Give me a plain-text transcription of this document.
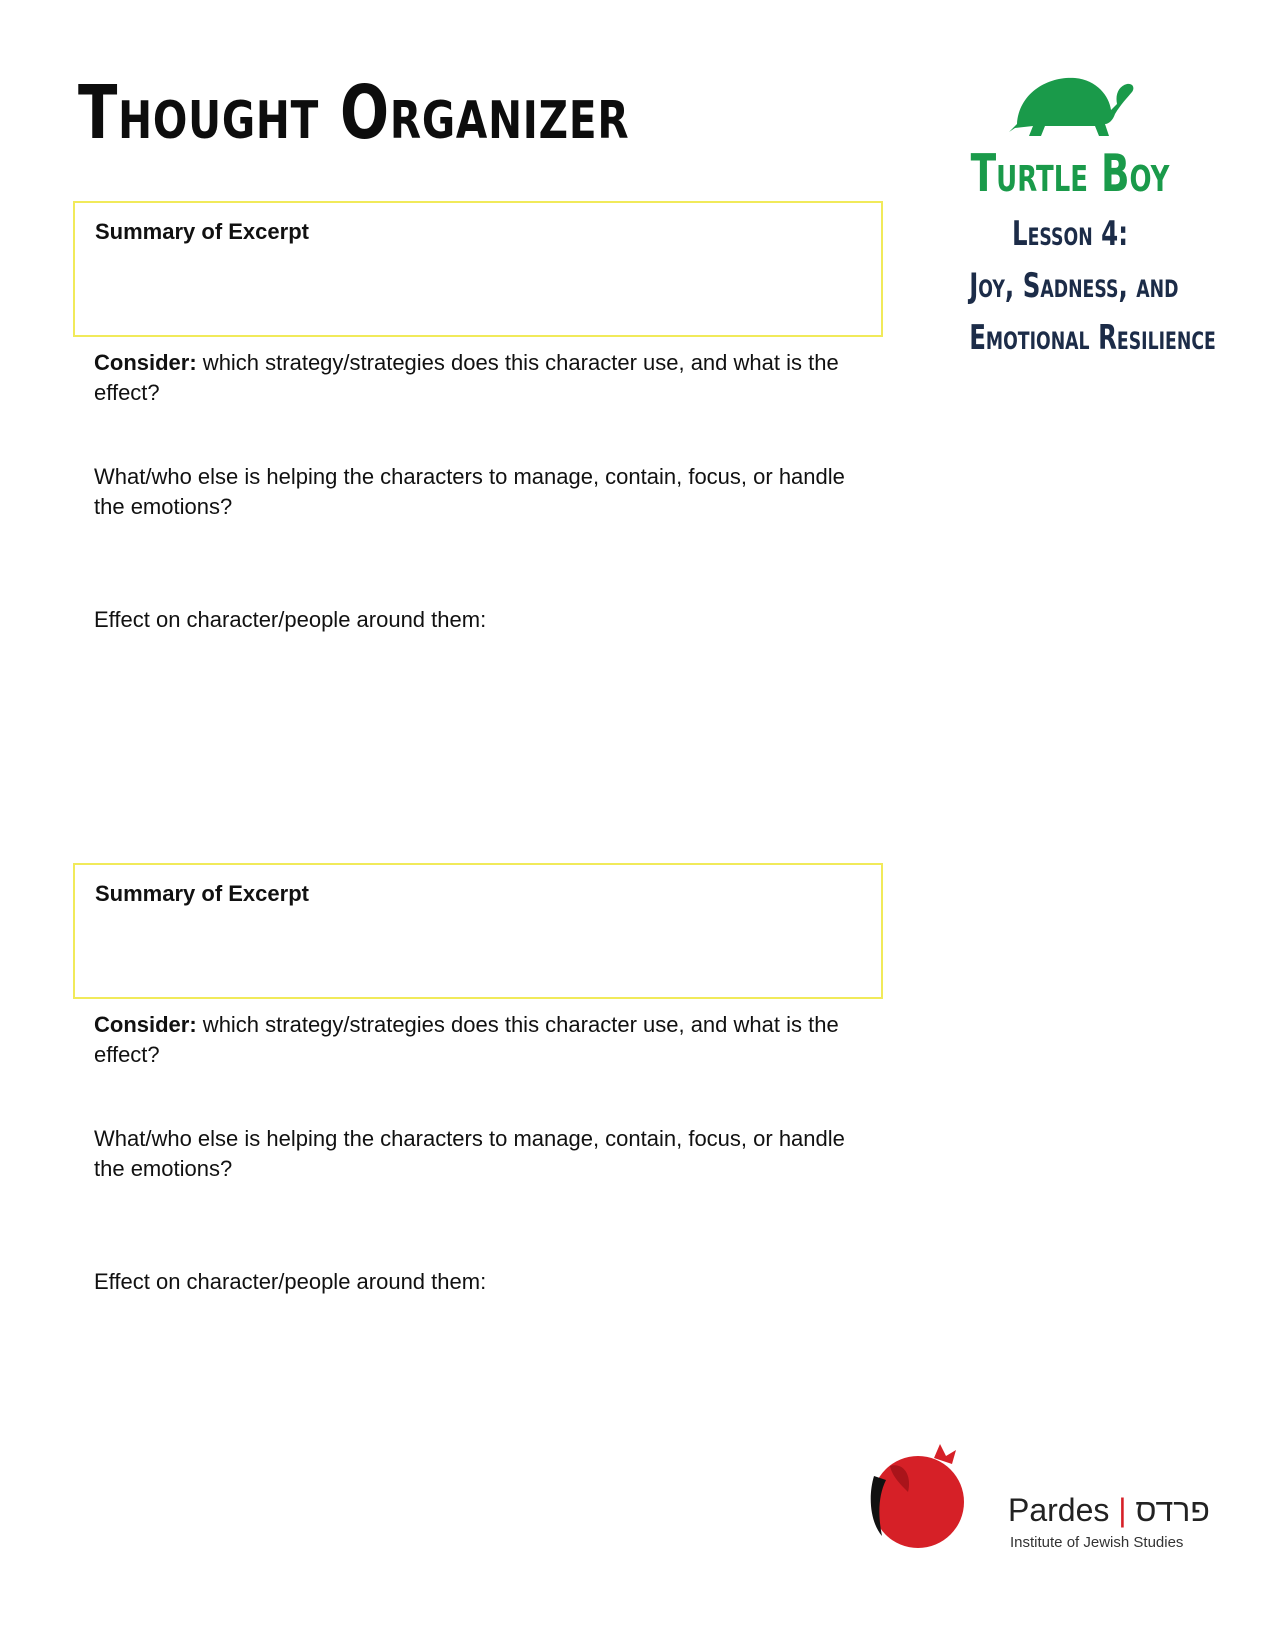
Thought Organizer

Turtle Boy

Lesson 4:

Joy, Sadness, and

Emotional Resilience

Summary of Excerpt

Consider: which strategy/strategies does this character use, and what is the effect?

What/who else is helping the characters to manage, contain, focus, or handle the emotions?

Effect on character/people around them:

Summary of Excerpt

Consider: which strategy/strategies does this character use, and what is the effect?

What/who else is helping the characters to manage, contain, focus, or handle the emotions?

Effect on character/people around them:

Pardes | פרדס
Institute of Jewish Studies
